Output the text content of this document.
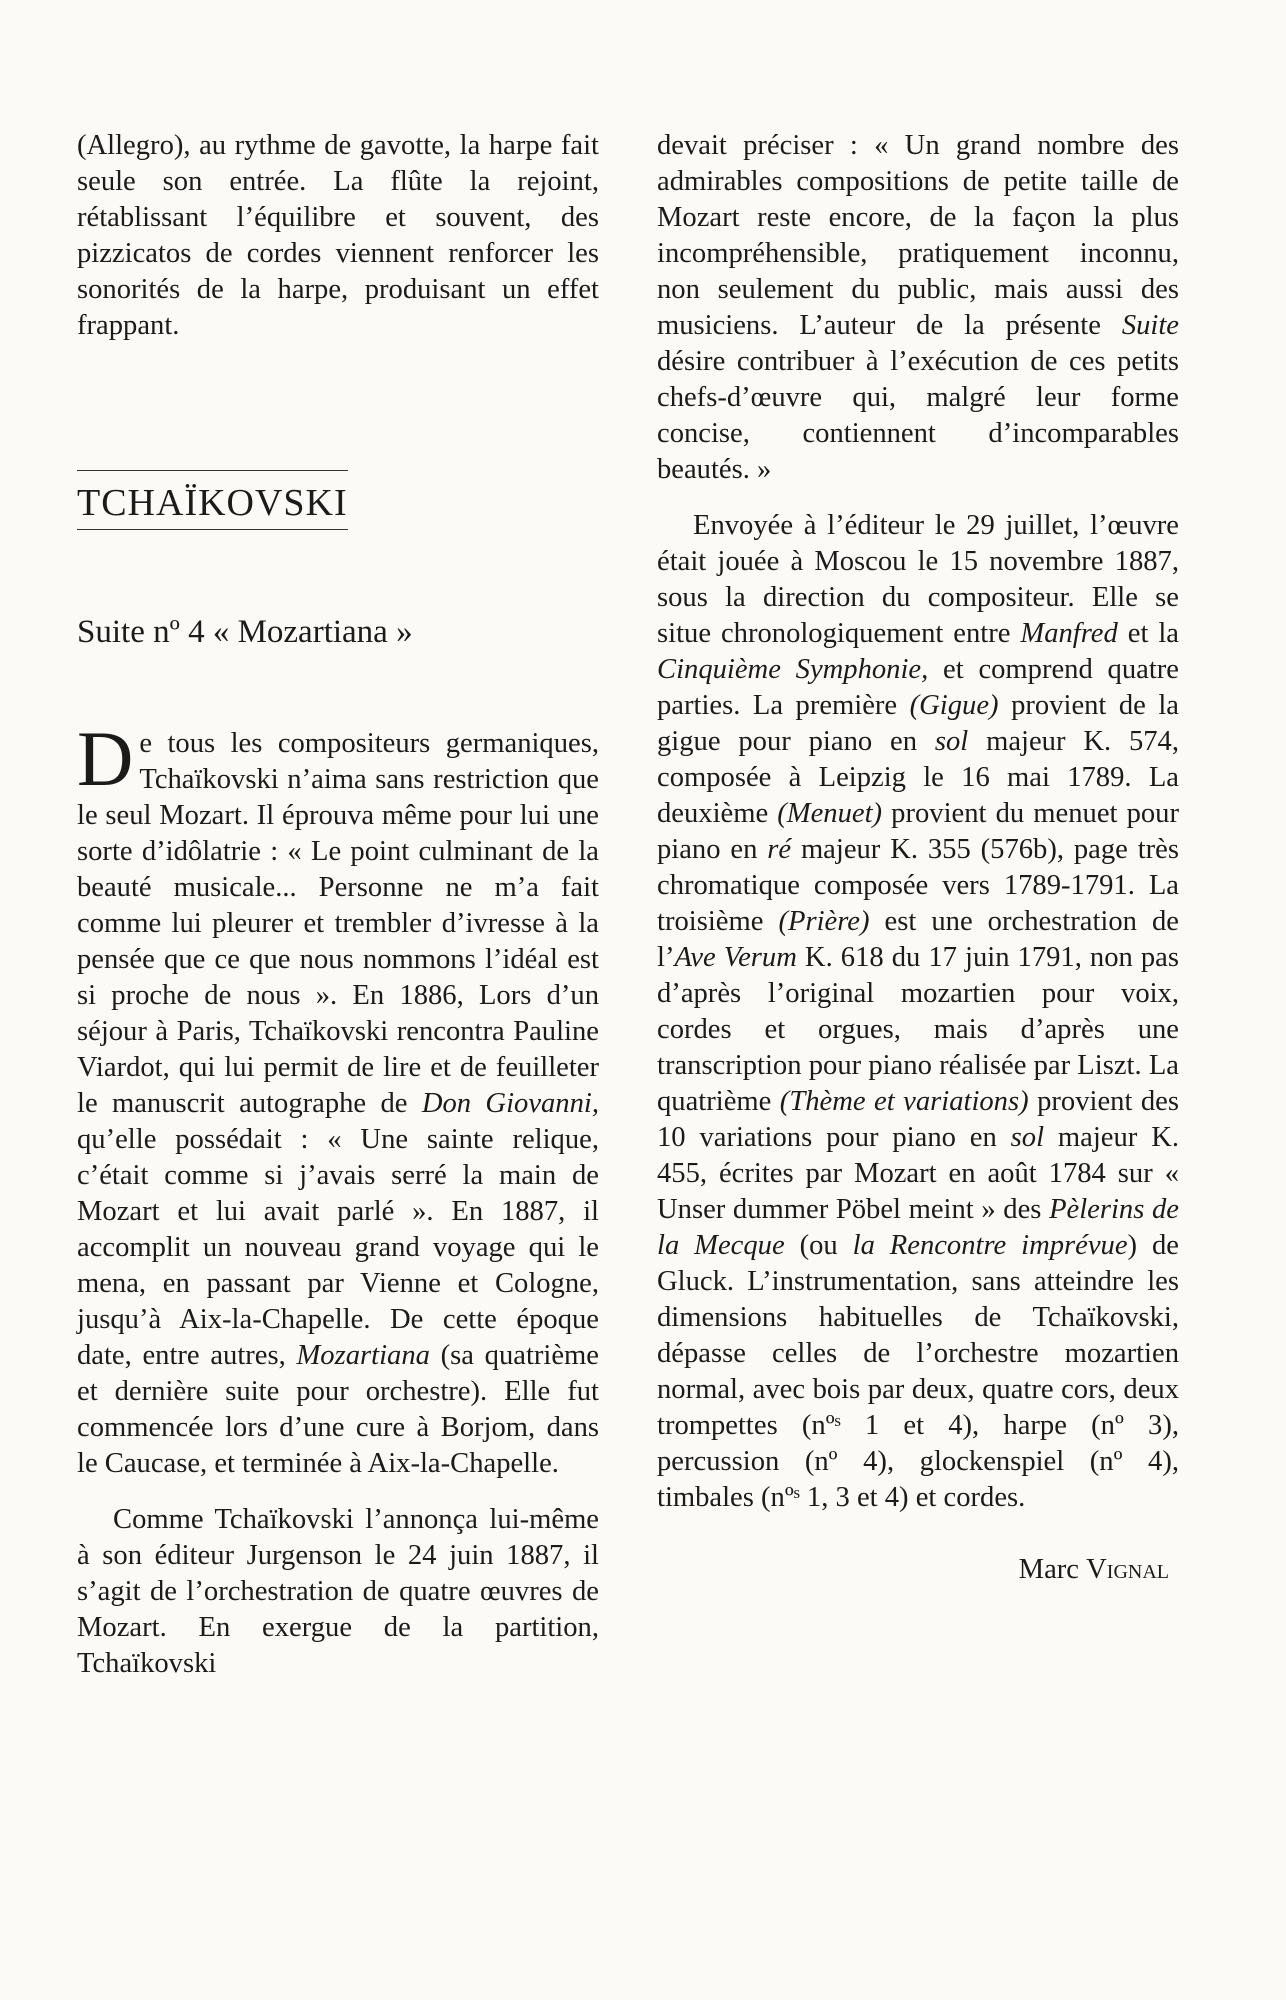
(Allegro), au rythme de gavotte, la harpe fait seule son entrée. La flûte la rejoint, rétablissant l’équilibre et souvent, des pizzicatos de cordes viennent renforcer les sonorités de la harpe, produisant un effet frappant.

TCHAÏKOVSKI
Suite nº 4 « Mozartiana »

De tous les compositeurs germaniques, Tchaïkovski n’aima sans restriction que le seul Mozart. Il éprouva même pour lui une sorte d’idôlatrie : « Le point culminant de la beauté musicale... Personne ne m’a fait comme lui pleurer et trembler d’ivresse à la pensée que ce que nous nommons l’idéal est si proche de nous ». En 1886, Lors d’un séjour à Paris, Tchaïkovski rencontra Pauline Viardot, qui lui permit de lire et de feuilleter le manuscrit autographe de Don Giovanni, qu’elle possédait : « Une sainte relique, c’était comme si j’avais serré la main de Mozart et lui avait parlé ». En 1887, il accomplit un nouveau grand voyage qui le mena, en passant par Vienne et Cologne, jusqu’à Aix-la-Chapelle. De cette époque date, entre autres, Mozartiana (sa quatrième et dernière suite pour orchestre). Elle fut commencée lors d’une cure à Borjom, dans le Caucase, et terminée à Aix-la-Chapelle.

Comme Tchaïkovski l’annonça lui-même à son éditeur Jurgenson le 24 juin 1887, il s’agit de l’orchestration de quatre œuvres de Mozart. En exergue de la partition, Tchaïkovski

devait préciser : « Un grand nombre des admirables compositions de petite taille de Mozart reste encore, de la façon la plus incompréhensible, pratiquement inconnu, non seulement du public, mais aussi des musiciens. L’auteur de la présente Suite désire contribuer à l’exécution de ces petits chefs-d’œuvre qui, malgré leur forme concise, contiennent d’incomparables beautés. »

Envoyée à l’éditeur le 29 juillet, l’œuvre était jouée à Moscou le 15 novembre 1887, sous la direction du compositeur. Elle se situe chronologiquement entre Manfred et la Cinquième Symphonie, et comprend quatre parties. La première (Gigue) provient de la gigue pour piano en sol majeur K. 574, composée à Leipzig le 16 mai 1789. La deuxième (Menuet) provient du menuet pour piano en ré majeur K. 355 (576b), page très chromatique composée vers 1789-1791. La troisième (Prière) est une orchestration de l’Ave Verum K. 618 du 17 juin 1791, non pas d’après l’original mozartien pour voix, cordes et orgues, mais d’après une transcription pour piano réalisée par Liszt. La quatrième (Thème et variations) provient des 10 variations pour piano en sol majeur K. 455, écrites par Mozart en août 1784 sur « Unser dummer Pöbel meint » des Pèlerins de la Mecque (ou la Rencontre imprévue) de Gluck. L’instrumentation, sans atteindre les dimensions habituelles de Tchaïkovski, dépasse celles de l’orchestre mozartien normal, avec bois par deux, quatre cors, deux trompettes (nºˢ 1 et 4), harpe (nº 3), percussion (nº 4), glockenspiel (nº 4), timbales (nºˢ 1, 3 et 4) et cordes.

Marc Vignal
